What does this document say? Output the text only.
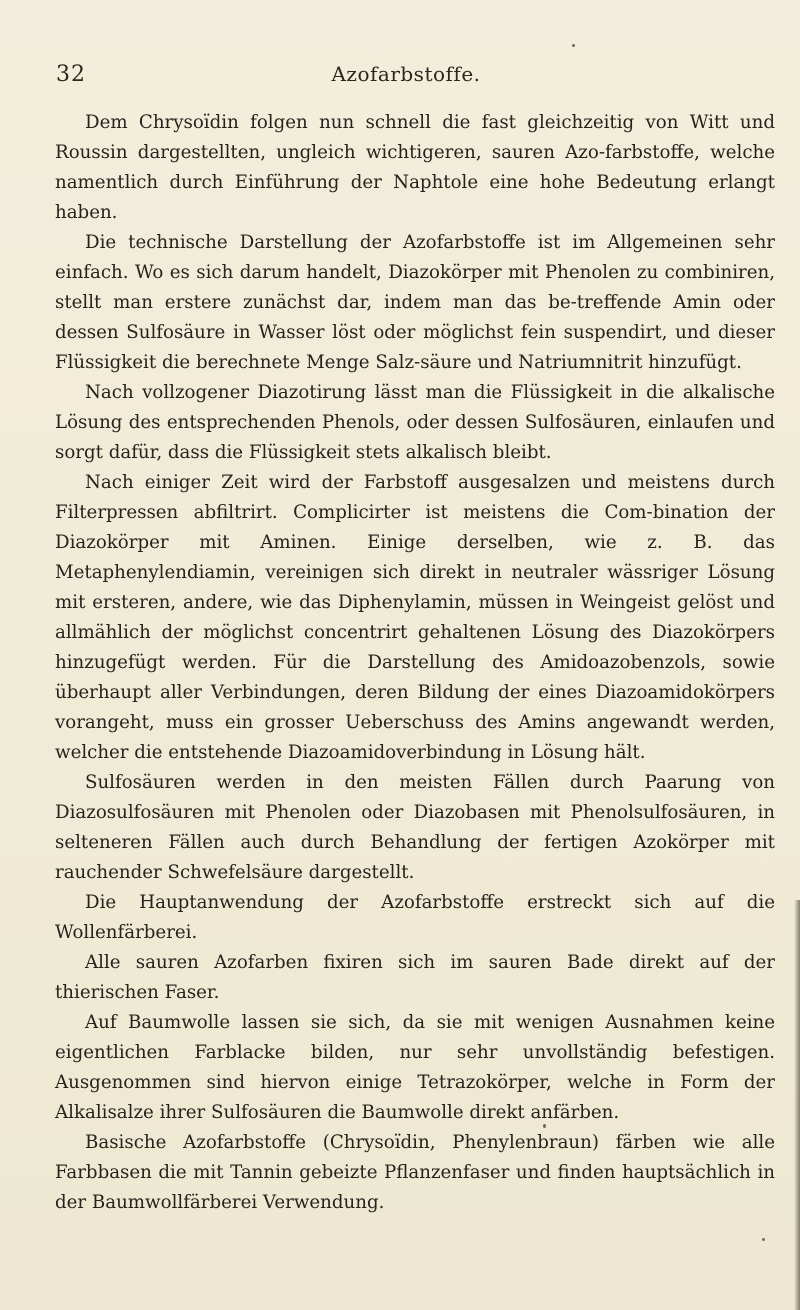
32	Azofarbstoffe.

Dem Chrysoïdin folgen nun schnell die fast gleichzeitig von Witt und Roussin dargestellten, ungleich wichtigeren, sauren Azo-farbstoffe, welche namentlich durch Einführung der Naphtole eine hohe Bedeutung erlangt haben.

Die technische Darstellung der Azofarbstoffe ist im Allgemeinen sehr einfach. Wo es sich darum handelt, Diazokörper mit Phenolen zu combiniren, stellt man erstere zunächst dar, indem man das be-treffende Amin oder dessen Sulfosäure in Wasser löst oder möglichst fein suspendirt, und dieser Flüssigkeit die berechnete Menge Salz-säure und Natriumnitrit hinzufügt.

Nach vollzogener Diazotirung lässt man die Flüssigkeit in die alkalische Lösung des entsprechenden Phenols, oder dessen Sulfosäuren, einlaufen und sorgt dafür, dass die Flüssigkeit stets alkalisch bleibt.

Nach einiger Zeit wird der Farbstoff ausgesalzen und meistens durch Filterpressen abfiltrirt. Complicirter ist meistens die Com-bination der Diazokörper mit Aminen. Einige derselben, wie z. B. das Metaphenylendiamin, vereinigen sich direkt in neutraler wässriger Lösung mit ersteren, andere, wie das Diphenylamin, müssen in Weingeist gelöst und allmählich der möglichst concentrirt gehaltenen Lösung des Diazokörpers hinzugefügt werden. Für die Darstellung des Amidoazobenzols, sowie überhaupt aller Verbindungen, deren Bildung der eines Diazoamidokörpers vorangeht, muss ein grosser Ueberschuss des Amins angewandt werden, welcher die entstehende Diazoamidoverbindung in Lösung hält.

Sulfosäuren werden in den meisten Fällen durch Paarung von Diazosulfosäuren mit Phenolen oder Diazobasen mit Phenolsulfosäuren, in selteneren Fällen auch durch Behandlung der fertigen Azokörper mit rauchender Schwefelsäure dargestellt.

Die Hauptanwendung der Azofarbstoffe erstreckt sich auf die Wollenfärberei.

Alle sauren Azofarben fixiren sich im sauren Bade direkt auf der thierischen Faser.

Auf Baumwolle lassen sie sich, da sie mit wenigen Ausnahmen keine eigentlichen Farblacke bilden, nur sehr unvollständig befestigen. Ausgenommen sind hiervon einige Tetrazokörper, welche in Form der Alkalisalze ihrer Sulfosäuren die Baumwolle direkt anfärben.

Basische Azofarbstoffe (Chrysoïdin, Phenylenbraun) färben wie alle Farbbasen die mit Tannin gebeizte Pflanzenfaser und finden hauptsächlich in der Baumwollfärberei Verwendung.
